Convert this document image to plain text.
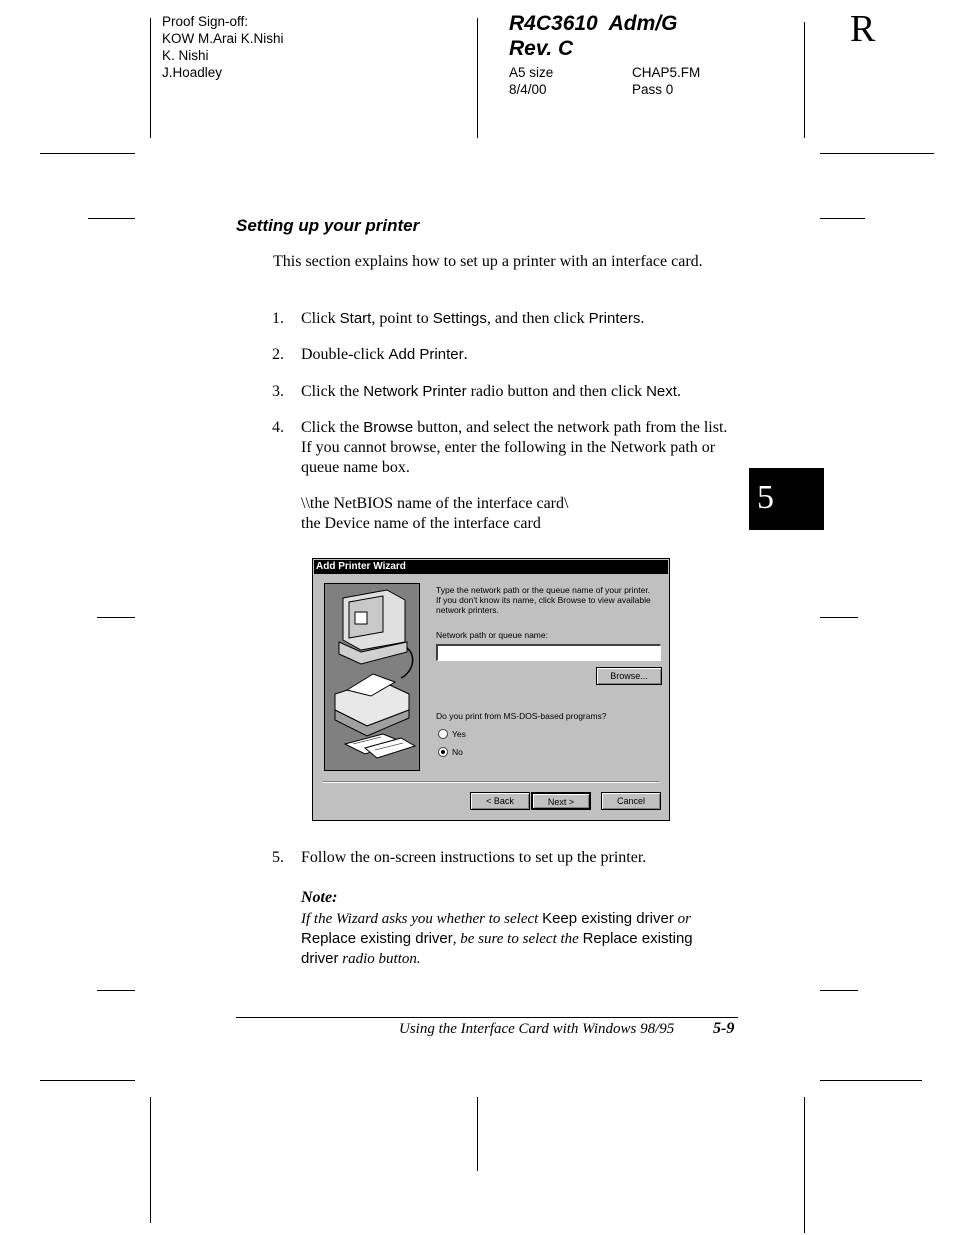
Proof Sign-off:
KOW M.Arai K.Nishi
K. Nishi
J.Hoadley
R4C3610  Adm/G
Rev. C
A5 size	CHAP5.FM
8/4/00	Pass 0
R
5
Setting up your printer
This section explains how to set up a printer with an interface card.
1. Click Start, point to Settings, and then click Printers.
2. Double-click Add Printer.
3. Click the Network Printer radio button and then click Next.
4. Click the Browse button, and select the network path from the list. If you cannot browse, enter the following in the Network path or queue name box.
\\the NetBIOS name of the interface card\
the Device name of the interface card
Add Printer Wizard
Type the network path or the queue name of your printer.
If you don't know its name, click Browse to view available
network printers.
Network path or queue name:
Browse...
Do you print from MS-DOS-based programs?
Yes
No
< Back	Next >	Cancel
5. Follow the on-screen instructions to set up the printer.
Note:
If the Wizard asks you whether to select Keep existing driver or
Replace existing driver, be sure to select the Replace existing
driver radio button.
Using the Interface Card with Windows 98/95 5-9
